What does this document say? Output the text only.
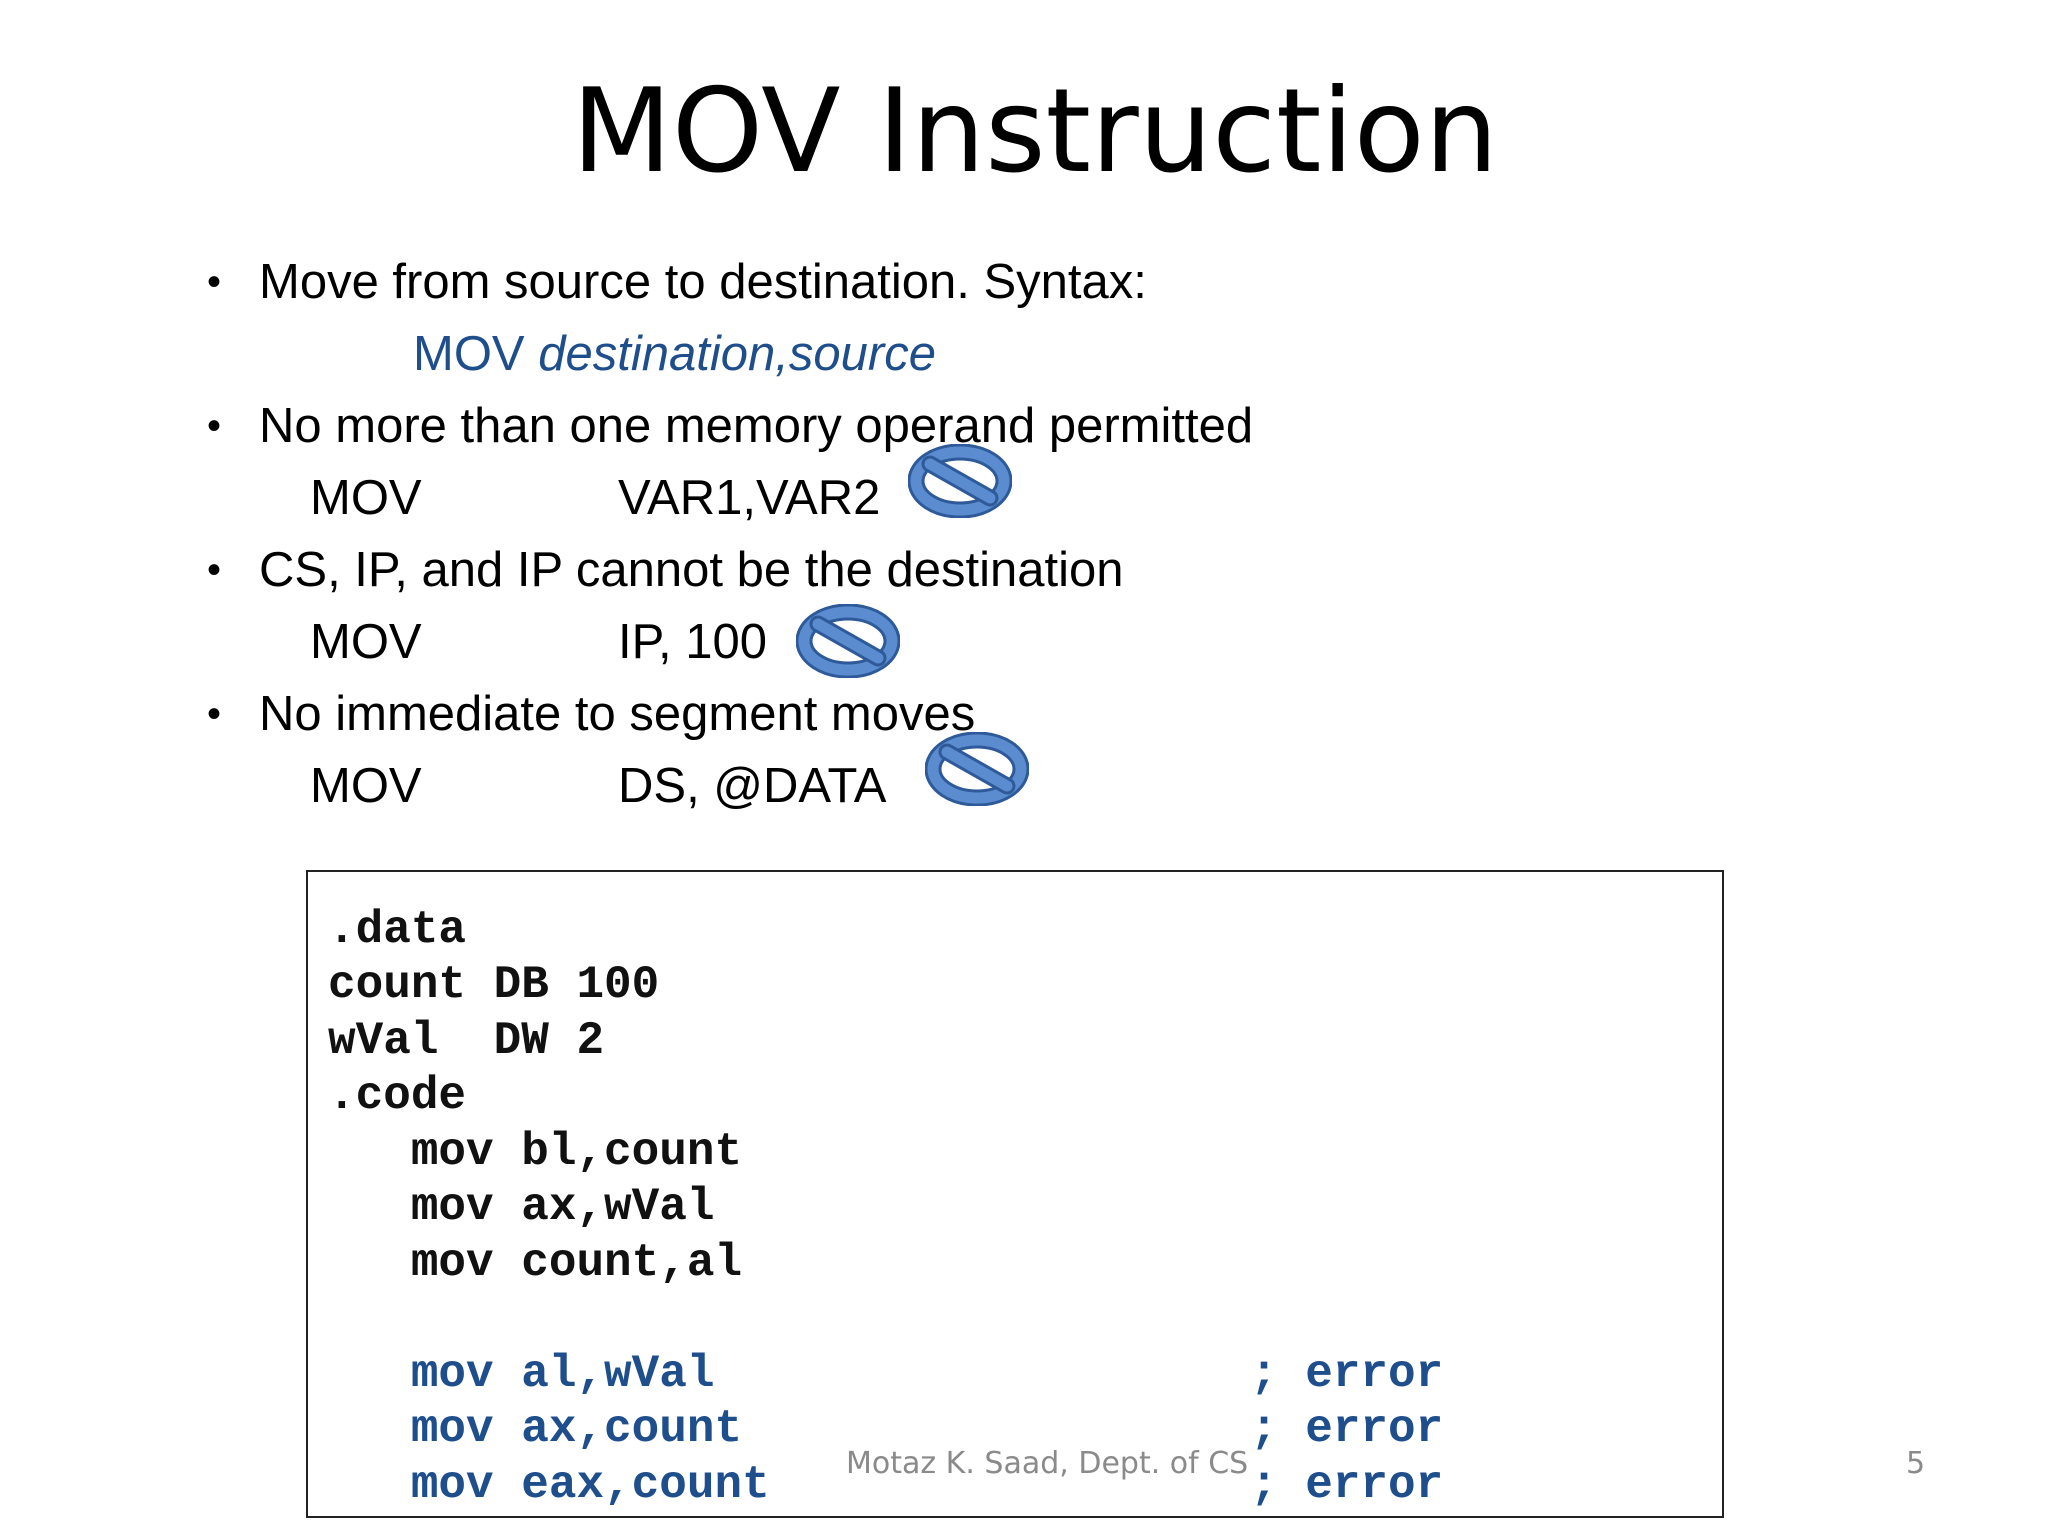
MOV Instruction
• Move from source to destination. Syntax:
MOV destination,source
• No more than one memory operand permitted
MOV	VAR1,VAR2
• CS, IP, and IP cannot be the destination
MOV	IP, 100
• No immediate to segment moves
MOV	DS, @DATA
.data
count DB 100
wVal  DW 2
.code
mov bl,count
mov ax,wVal
mov count,al
mov al,wVal	; error
mov ax,count	; error
mov eax,count	; error
Motaz K. Saad, Dept. of CS	5
